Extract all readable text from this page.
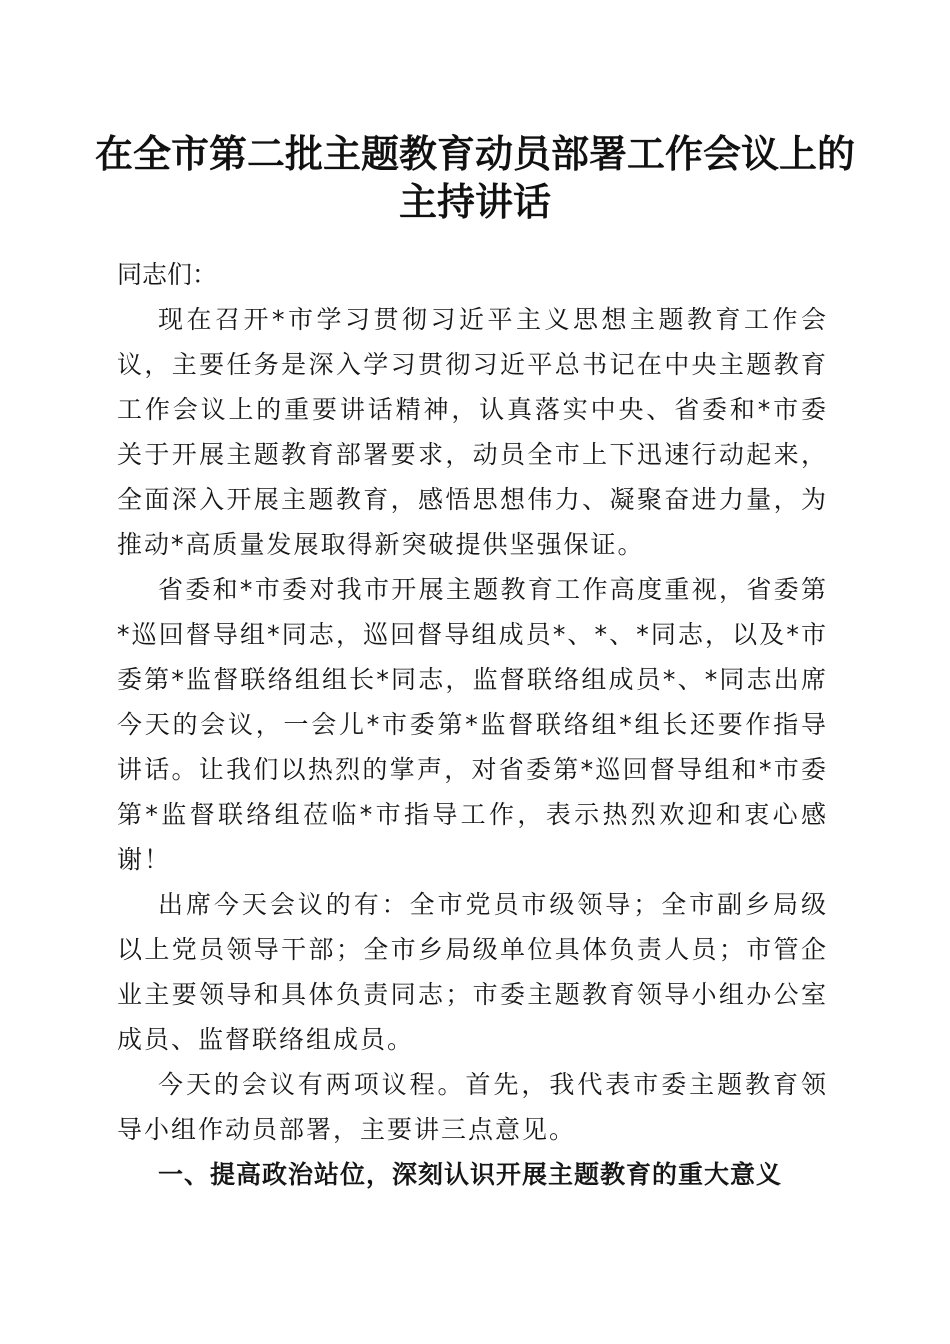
在全市第二批主题教育动员部署工作会议上的
主持讲话

同志们：

现在召开*市学习贯彻习近平主义思想主题教育工作会议，主要任务是深入学习贯彻习近平总书记在中央主题教育工作会议上的重要讲话精神，认真落实中央、省委和*市委关于开展主题教育部署要求，动员全市上下迅速行动起来，全面深入开展主题教育，感悟思想伟力、凝聚奋进力量，为推动*高质量发展取得新突破提供坚强保证。

省委和*市委对我市开展主题教育工作高度重视，省委第*巡回督导组*同志，巡回督导组成员*、*、*同志，以及*市委第*监督联络组组长*同志，监督联络组成员*、*同志出席今天的会议，一会儿*市委第*监督联络组*组长还要作指导讲话。让我们以热烈的掌声，对省委第*巡回督导组和*市委第*监督联络组莅临*市指导工作，表示热烈欢迎和衷心感谢！

出席今天会议的有：全市党员市级领导；全市副乡局级以上党员领导干部；全市乡局级单位具体负责人员；市管企业主要领导和具体负责同志；市委主题教育领导小组办公室成员、监督联络组成员。

今天的会议有两项议程。首先，我代表市委主题教育领导小组作动员部署，主要讲三点意见。

一、提高政治站位，深刻认识开展主题教育的重大意义
